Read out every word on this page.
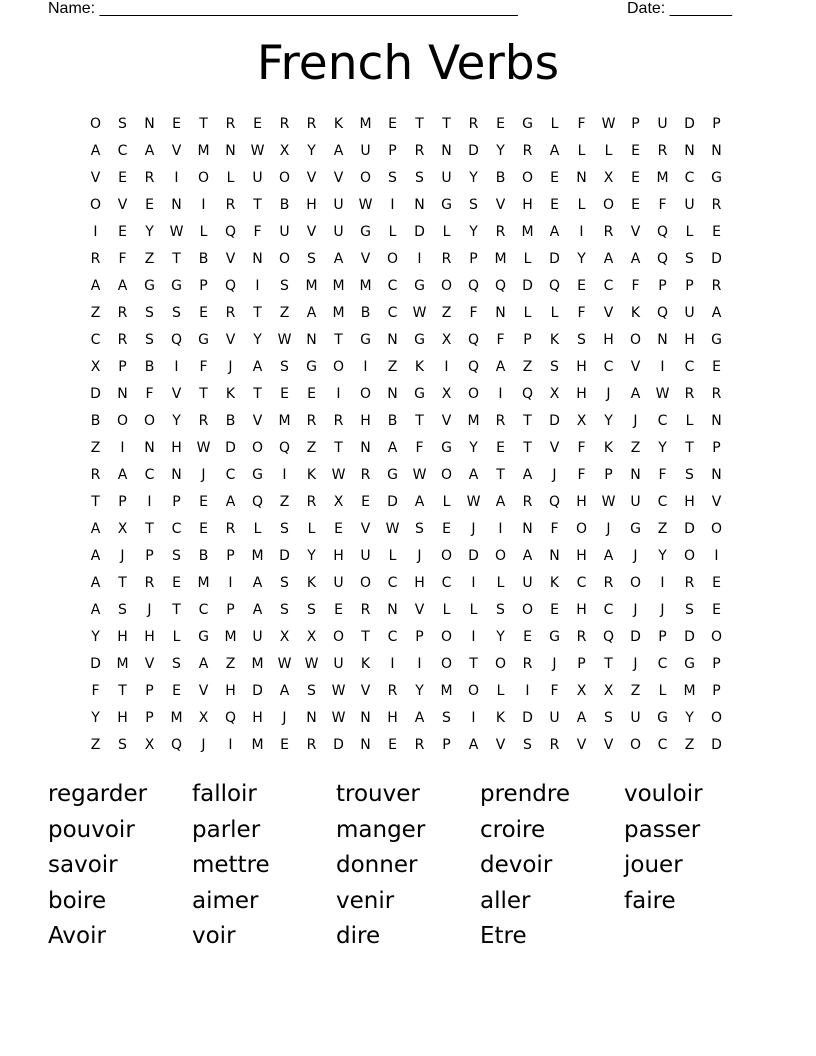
Name: _______________________________________________	Date: _______
French Verbs
O	S	N	E	T	R	E	R	R	K	M	E	T	T	R	E	G	L	F	W	P	U	D	P
A	C	A	V	M	N	W	X	Y	A	U	P	R	N	D	Y	R	A	L	L	E	R	N	N
V	E	R	I	O	L	U	O	V	V	O	S	S	U	Y	B	O	E	N	X	E	M	C	G
O	V	E	N	I	R	T	B	H	U	W	I	N	G	S	V	H	E	L	O	E	F	U	R
I	E	Y	W	L	Q	F	U	V	U	G	L	D	L	Y	R	M	A	I	R	V	Q	L	E
R	F	Z	T	B	V	N	O	S	A	V	O	I	R	P	M	L	D	Y	A	A	Q	S	D
A	A	G	G	P	Q	I	S	M	M	M	C	G	O	Q	Q	D	Q	E	C	F	P	P	R
Z	R	S	S	E	R	T	Z	A	M	B	C	W	Z	F	N	L	L	F	V	K	Q	U	A
C	R	S	Q	G	V	Y	W	N	T	G	N	G	X	Q	F	P	K	S	H	O	N	H	G
X	P	B	I	F	J	A	S	G	O	I	Z	K	I	Q	A	Z	S	H	C	V	I	C	E
D	N	F	V	T	K	T	E	E	I	O	N	G	X	O	I	Q	X	H	J	A	W	R	R
B	O	O	Y	R	B	V	M	R	R	H	B	T	V	M	R	T	D	X	Y	J	C	L	N
Z	I	N	H	W	D	O	Q	Z	T	N	A	F	G	Y	E	T	V	F	K	Z	Y	T	P
R	A	C	N	J	C	G	I	K	W	R	G	W	O	A	T	A	J	F	P	N	F	S	N
T	P	I	P	E	A	Q	Z	R	X	E	D	A	L	W	A	R	Q	H	W	U	C	H	V
A	X	T	C	E	R	L	S	L	E	V	W	S	E	J	I	N	F	O	J	G	Z	D	O
A	J	P	S	B	P	M	D	Y	H	U	L	J	O	D	O	A	N	H	A	J	Y	O	I
A	T	R	E	M	I	A	S	K	U	O	C	H	C	I	L	U	K	C	R	O	I	R	E
A	S	J	T	C	P	A	S	S	E	R	N	V	L	L	S	O	E	H	C	J	J	S	E
Y	H	H	L	G	M	U	X	X	O	T	C	P	O	I	Y	E	G	R	Q	D	P	D	O
D	M	V	S	A	Z	M	W W	U	K	I	I	O	T	O	R	J	P	T	J	C	G	P
F	T	P	E	V	H	D	A	S	W	V	R	Y	M	O	L	I	F	X	X	Z	L	M	P
Y	H	P	M	X	Q	H	J	N	W	N	H	A	S	I	K	D	U	A	S	U	G	Y	O
Z	S	X	Q	J	I	M	E	R	D	N	E	R	P	A	V	S	R	V	V	O	C	Z	D
regarder	falloir	trouver	prendre	vouloir
pouvoir	parler	manger	croire	passer
savoir	mettre	donner	devoir	jouer
boire	aimer	venir	aller	faire
Avoir	voir	dire	Etre
